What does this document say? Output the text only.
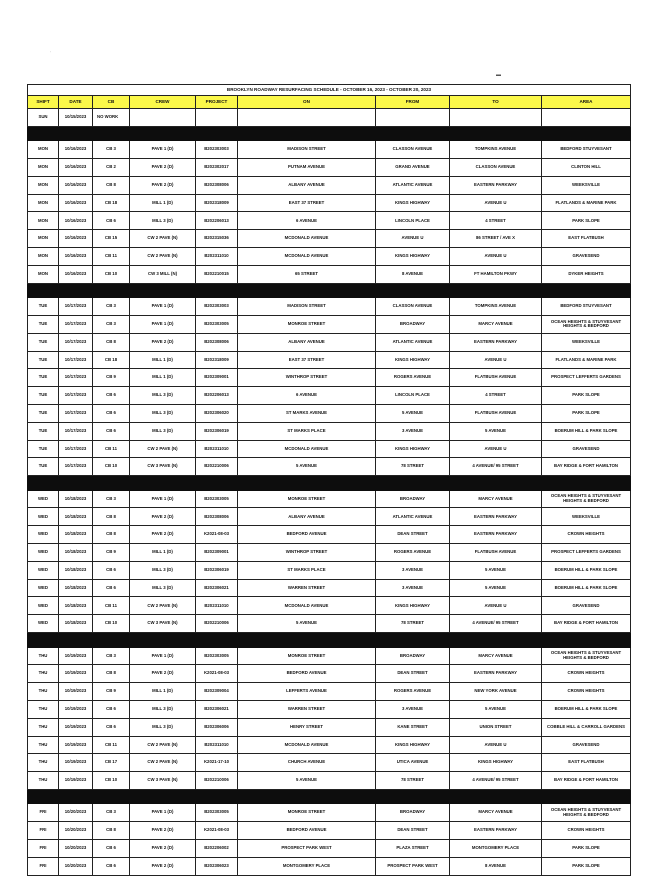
˙
▬
BROOKLYN ROADWAY RESURFACING SCHEDULE - OCTOBER 16, 2023 - OCTOBER 20, 2023								
SHIFT	DATE	CB	CREW	PROJECT	ON	FROM	TO	AREA
SUN	10/15/2023	NO WORK						

MON	10/16/2023	CB 3	PAVE 1 (D)	B202303003	MADISON STREET	CLASSON AVENUE	TOMPKINS AVENUE	BEDFORD STUYVESANT
MON	10/16/2023	CB 2	PAVE 2 (D)	B202302017	PUTNAM AVENUE	GRAND AVENUE	CLASSON AVENUE	CLINTON HILL
MON	10/16/2023	CB 8	PAVE 2 (D)	B202308006	ALBANY AVENUE	ATLANTIC AVENUE	EASTERN PARKWAY	WEEKSVILLE
MON	10/16/2023	CB 18	MILL 1 (D)	B202318009	EAST 37 STREET	KINGS HIGHWAY	AVENUE U	FLATLANDS & MARINE PARK
MON	10/16/2023	CB 6	MILL 3 (D)	B202206013	6 AVENUE	LINCOLN PLACE	4 STREET	PARK SLOPE
MON	10/16/2023	CB 15	CW 2 PAVE (N)	B202315036	MCDONALD AVENUE	AVENUE U	86 STREET / AVE X	EAST FLATBUSH
MON	10/16/2023	CB 11	CW 2 PAVE (N)	B202311010	MCDONALD AVENUE	KINGS HIGHWAY	AVENUE U	GRAVESEND
MON	10/16/2023	CB 10	CW 3 MILL (N)	B202210015	65 STREET	8 AVENUE	FT HAMILTON PKWY	DYKER HEIGHTS

TUE	10/17/2023	CB 3	PAVE 1 (D)	B202303003	MADISON STREET	CLASSON AVENUE	TOMPKINS AVENUE	BEDFORD STUYVESANT
TUE	10/17/2023	CB 3	PAVE 1 (D)	B202303005	MONROE STREET	BROADWAY	MARCY AVENUE	OCEAN HEIGHTS & STUYVESANT HEIGHTS & BEDFORD
TUE	10/17/2023	CB 8	PAVE 2 (D)	B202308006	ALBANY AVENUE	ATLANTIC AVENUE	EASTERN PARKWAY	WEEKSVILLE
TUE	10/17/2023	CB 18	MILL 1 (D)	B202318009	EAST 37 STREET	KINGS HIGHWAY	AVENUE U	FLATLANDS & MARINE PARK
TUE	10/17/2023	CB 9	MILL 1 (D)	B202309001	WINTHROP STREET	ROGERS AVENUE	FLATBUSH AVENUE	PROSPECT LEFFERTS GARDENS
TUE	10/17/2023	CB 6	MILL 3 (D)	B202206013	6 AVENUE	LINCOLN PLACE	4 STREET	PARK SLOPE
TUE	10/17/2023	CB 6	MILL 3 (D)	B202306020	ST MARKS AVENUE	5 AVENUE	FLATBUSH AVENUE	PARK SLOPE
TUE	10/17/2023	CB 6	MILL 3 (D)	B202306019	ST MARKS PLACE	3 AVENUE	5 AVENUE	BOERUM HILL & PARK SLOPE
TUE	10/17/2023	CB 11	CW 2 PAVE (N)	B202311010	MCDONALD AVENUE	KINGS HIGHWAY	AVENUE U	GRAVESEND
TUE	10/17/2023	CB 10	CW 3 PAVE (N)	B202210006	5 AVENUE	78 STREET	4 AVENUE/ 95 STREET	BAY RIDGE & FORT HAMILTON

WED	10/18/2023	CB 3	PAVE 1 (D)	B202303005	MONROE STREET	BROADWAY	MARCY AVENUE	OCEAN HEIGHTS & STUYVESANT HEIGHTS & BEDFORD
WED	10/18/2023	CB 8	PAVE 2 (D)	B202308006	ALBANY AVENUE	ATLANTIC AVENUE	EASTERN PARKWAY	WEEKSVILLE
WED	10/18/2023	CB 8	PAVE 2 (D)	K2021-08-03	BEDFORD AVENUE	DEAN STREET	EASTERN PARKWAY	CROWN HEIGHTS
WED	10/18/2023	CB 9	MILL 1 (D)	B202309001	WINTHROP STREET	ROGERS AVENUE	FLATBUSH AVENUE	PROSPECT LEFFERTS GARDENS
WED	10/18/2023	CB 6	MILL 3 (D)	B202306019	ST MARKS PLACE	3 AVENUE	5 AVENUE	BOERUM HILL & PARK SLOPE
WED	10/18/2023	CB 6	MILL 3 (D)	B202306021	WARREN STREET	3 AVENUE	5 AVENUE	BOERUM HILL & PARK SLOPE
WED	10/18/2023	CB 11	CW 2 PAVE (N)	B202311010	MCDONALD AVENUE	KINGS HIGHWAY	AVENUE U	GRAVESEND
WED	10/18/2023	CB 10	CW 3 PAVE (N)	B202210006	5 AVENUE	78 STREET	4 AVENUE/ 95 STREET	BAY RIDGE & FORT HAMILTON

THU	10/19/2023	CB 3	PAVE 1 (D)	B202303005	MONROE STREET	BROADWAY	MARCY AVENUE	OCEAN HEIGHTS & STUYVESANT HEIGHTS & BEDFORD
THU	10/19/2023	CB 8	PAVE 2 (D)	K2021-08-03	BEDFORD AVENUE	DEAN STREET	EASTERN PARKWAY	CROWN HEIGHTS
THU	10/19/2023	CB 9	MILL 1 (D)	B202309004	LEFFERTS AVENUE	ROGERS AVENUE	NEW YORK AVENUE	CROWN HEIGHTS
THU	10/19/2023	CB 6	MILL 3 (D)	B202306021	WARREN STREET	3 AVENUE	5 AVENUE	BOERUM HILL & PARK SLOPE
THU	10/19/2023	CB 6	MILL 3 (D)	B202306006	HENRY STREET	KANE STREET	UNION STREET	COBBLE HILL & CARROLL GARDENS
THU	10/19/2023	CB 11	CW 2 PAVE (N)	B202311010	MCDONALD AVENUE	KINGS HIGHWAY	AVENUE U	GRAVESEND
THU	10/19/2023	CB 17	CW 2 PAVE (N)	K2021-17-10	CHURCH AVENUE	UTICA AVENUE	KINGS HIGHWAY	EAST FLATBUSH
THU	10/19/2023	CB 10	CW 3 PAVE (N)	B202210006	5 AVENUE	78 STREET	4 AVENUE/ 95 STREET	BAY RIDGE & FORT HAMILTON

FRI	10/20/2023	CB 3	PAVE 1 (D)	B202303005	MONROE STREET	BROADWAY	MARCY AVENUE	OCEAN HEIGHTS & STUYVESANT HEIGHTS & BEDFORD
FRI	10/20/2023	CB 8	PAVE 2 (D)	K2021-08-03	BEDFORD AVENUE	DEAN STREET	EASTERN PARKWAY	CROWN HEIGHTS
FRI	10/20/2023	CB 6	PAVE 2 (D)	B202206002	PROSPECT PARK WEST	PLAZA STREET	MONTGOMERY PLACE	PARK SLOPE
FRI	10/20/2023	CB 6	PAVE 2 (D)	B202306023	MONTGOMERY PLACE	PROSPECT PARK WEST	8 AVENUE	PARK SLOPE
